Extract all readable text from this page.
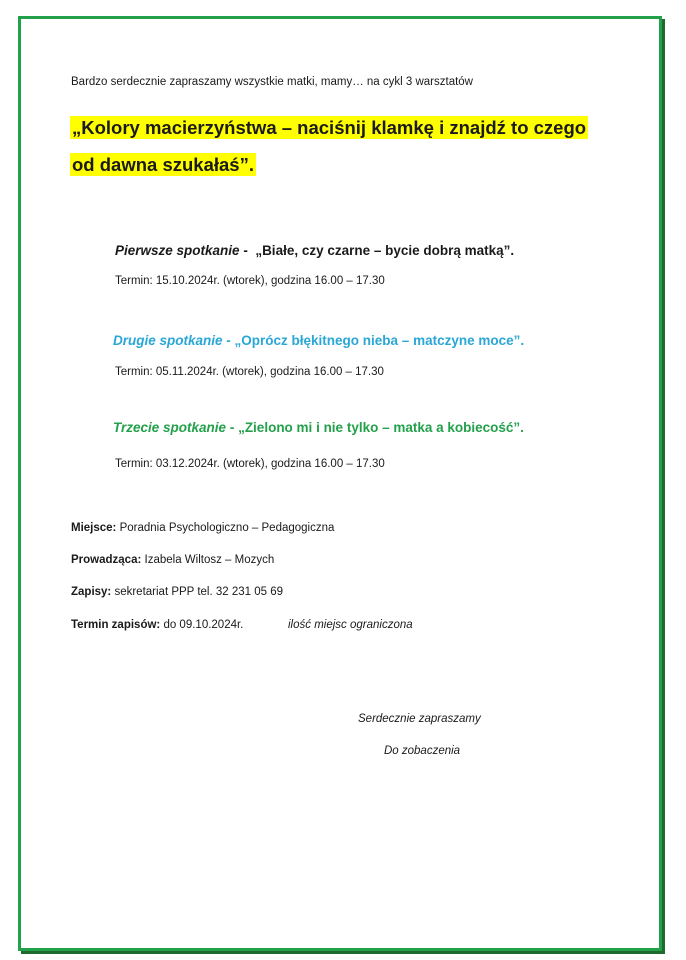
Bardzo serdecznie zapraszamy wszystkie matki, mamy… na cykl 3 warsztatów
„Kolory macierzyństwa – naciśnij klamkę i znajdź to czego
od dawna szukałaś”.
Pierwsze spotkanie -  „Białe, czy czarne – bycie dobrą matką”.
Termin: 15.10.2024r. (wtorek), godzina 16.00 – 17.30
Drugie spotkanie - „Oprócz błękitnego nieba – matczyne moce”.
Termin: 05.11.2024r. (wtorek), godzina 16.00 – 17.30
Trzecie spotkanie - „Zielono mi i nie tylko – matka a kobiecość”.
Termin: 03.12.2024r. (wtorek), godzina 16.00 – 17.30
Miejsce: Poradnia Psychologiczno – Pedagogiczna
Prowadząca: Izabela Wiltosz – Mozych
Zapisy: sekretariat PPP tel. 32 231 05 69
Termin zapisów: do 09.10.2024r.	ilość miejsc ograniczona
Serdecznie zapraszamy
Do zobaczenia
